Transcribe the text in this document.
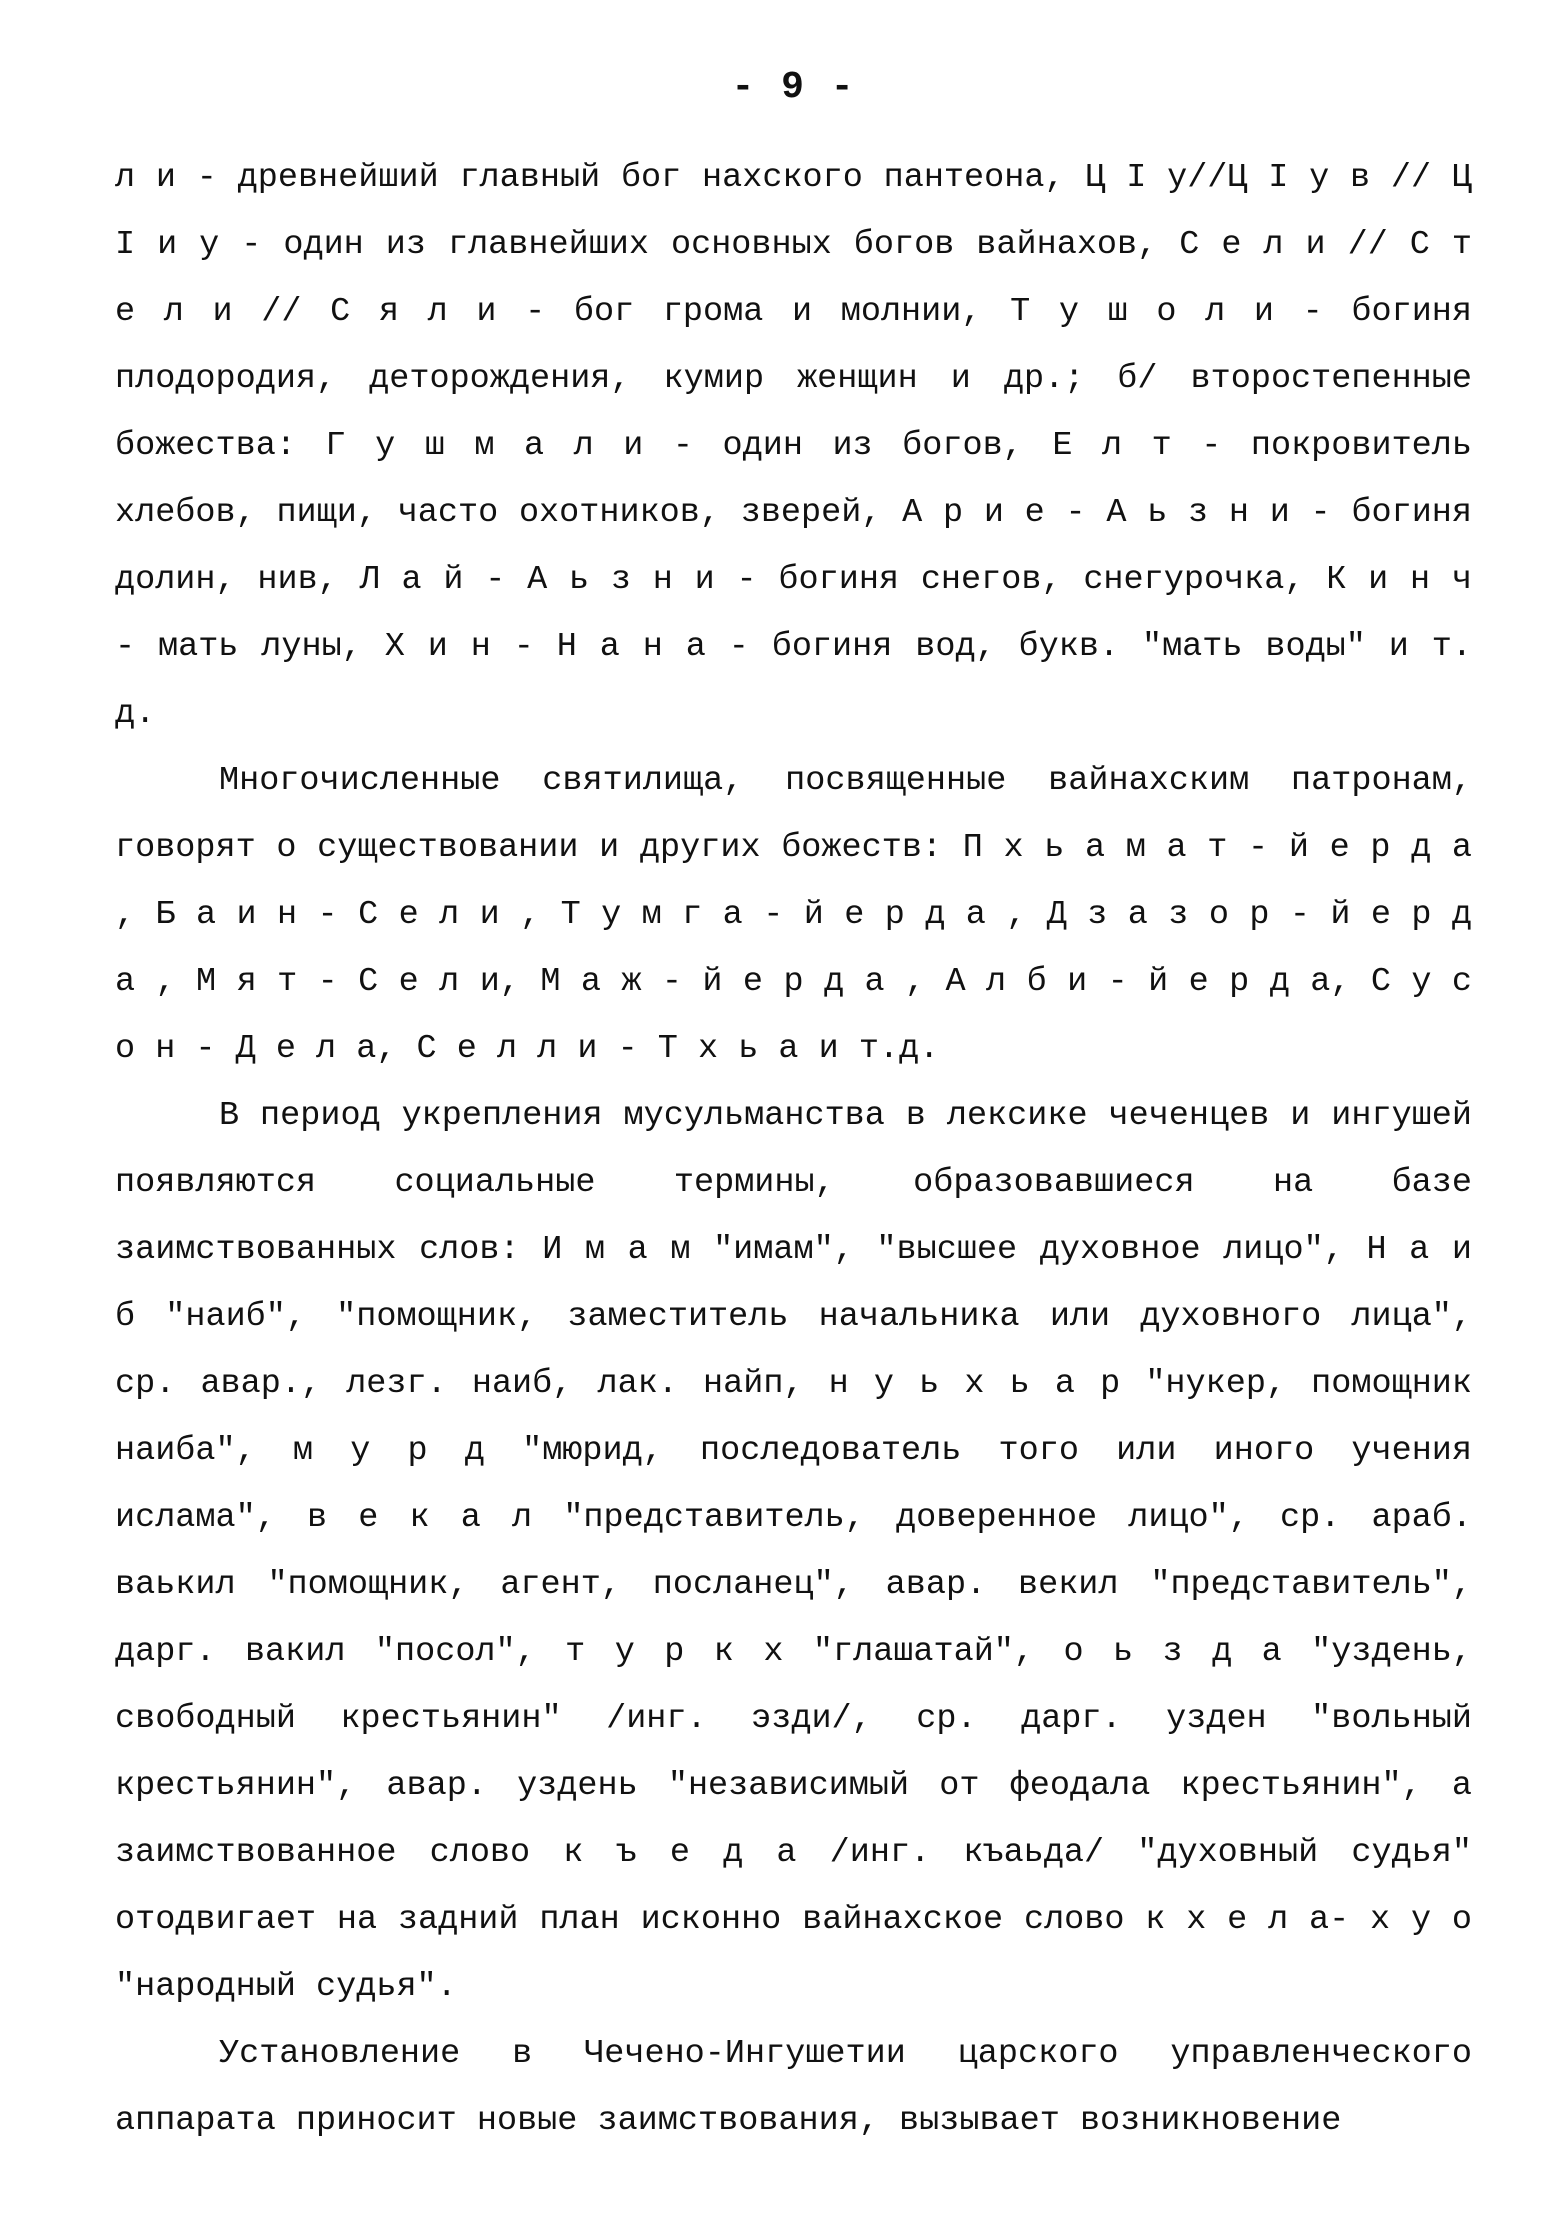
- 9 -

л и - древнейший главный бог нахского пантеона, Ц І у//Ц І у в // Ц І и у - один из главнейших основных богов вайнахов, С е л и // С т е л и // С я л и - бог грома и молнии, Т у ш о л и - богиня плодородия, деторождения, кумир женщин и др.; б/ второстепенные божества: Г у ш м а л и - один из богов, Е л т - покровитель хлебов, пищи, часто охотников, зверей, А р и е - А ь з н и - богиня долин, нив, Л а й - А ь з н и - богиня снегов, снегурочка, К и н ч - мать луны, Х и н - Н а н а - богиня вод, букв. "мать воды" и т. д.

Многочисленные святилища, посвященные вайнахским патронам, говорят о существовании и других божеств: П х ь а м а т - й е р д а , Б а и н - С е л и , Т у м г а - й е р д а , Д з а з о р - й е р д а , М я т - С е л и, М а ж - й е р д а , А л б и - й е р д а, С у с о н - Д е л а, С е л л и - Т х ь а и т.д.

В период укрепления мусульманства в лексике чеченцев и ингушей появляются социальные термины, образовавшиеся на базе заимствованных слов: И м а м "имам", "высшее духовное лицо", Н а и б "наиб", "помощник, заместитель начальника или духовного лица", ср. авар., лезг. наиб, лак. найп, н у ь х ь а р "нукер, помощник наиба", м у р д "мюрид, последователь того или иного учения ислама", в е к а л "представитель, доверенное лицо", ср. араб. ваькил "помощник, агент, посланец", авар. векил "представитель", дарг. вакил "посол", т у р к х "глашатай", о ь з д а "уздень, свободный крестьянин" /инг. эзди/, ср. дарг. узден "вольный крестьянин", авар. уздень "независимый от феодала крестьянин", а заимствованное слово к ъ е д а /инг. къаьда/ "духовный судья" отодвигает на задний план исконно вайнахское слово к х е л а- х у о "народный судья".

Установление в Чечено-Ингушетии царского управленческого аппарата приносит новые заимствования, вызывает возникновение
